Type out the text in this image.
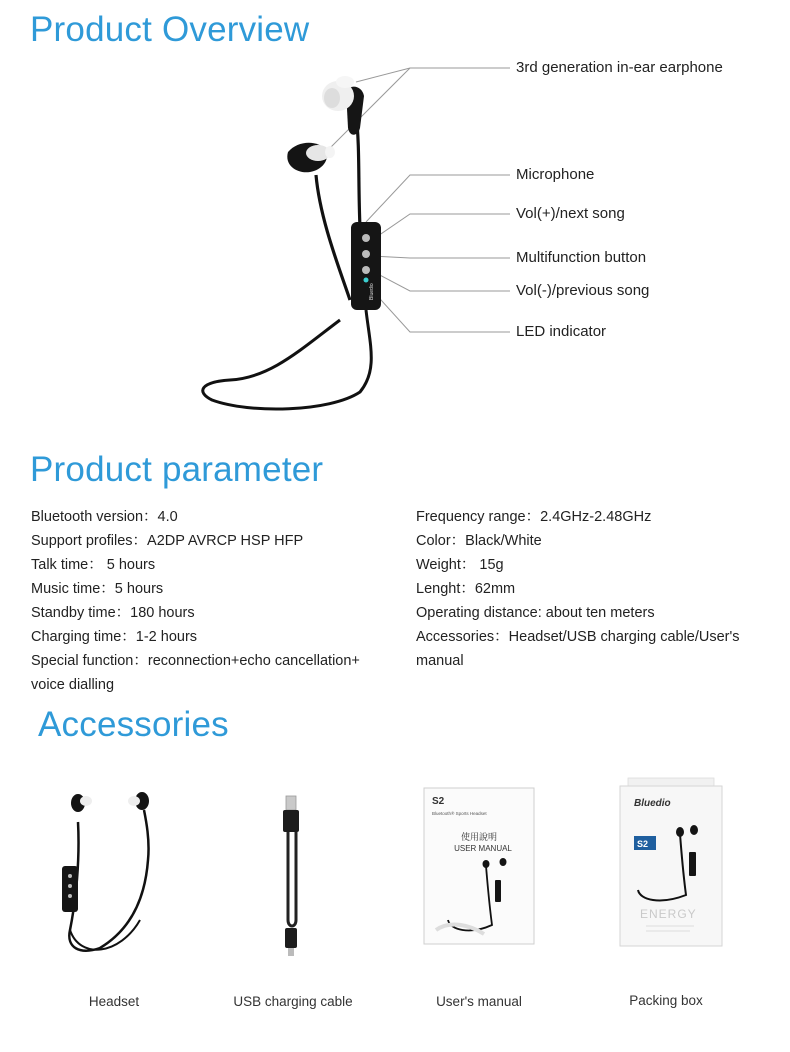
Product Overview
Bluedio
S2
Bluetooth® Sports Headset
使用說明
USER MANUAL
Bluedio
S2
ENERGY
3rd generation in-ear earphone
Microphone
Vol(+)/next song
Multifunction button
Vol(-)/previous song
LED indicator
Product parameter
Bluetooth version：4.0
Support profiles：A2DP AVRCP HSP HFP
Talk time： 5 hours
Music time：5 hours
Standby time：180 hours
Charging time：1-2 hours
Special function：reconnection+echo cancellation+
voice dialling
Frequency range：2.4GHz-2.48GHz
Color：Black/White
Weight： 15g
Lenght：62mm
Operating distance: about ten meters
Accessories：Headset/USB charging cable/User's
manual
Accessories
Headset	USB charging cable	User's manual	Packing box
